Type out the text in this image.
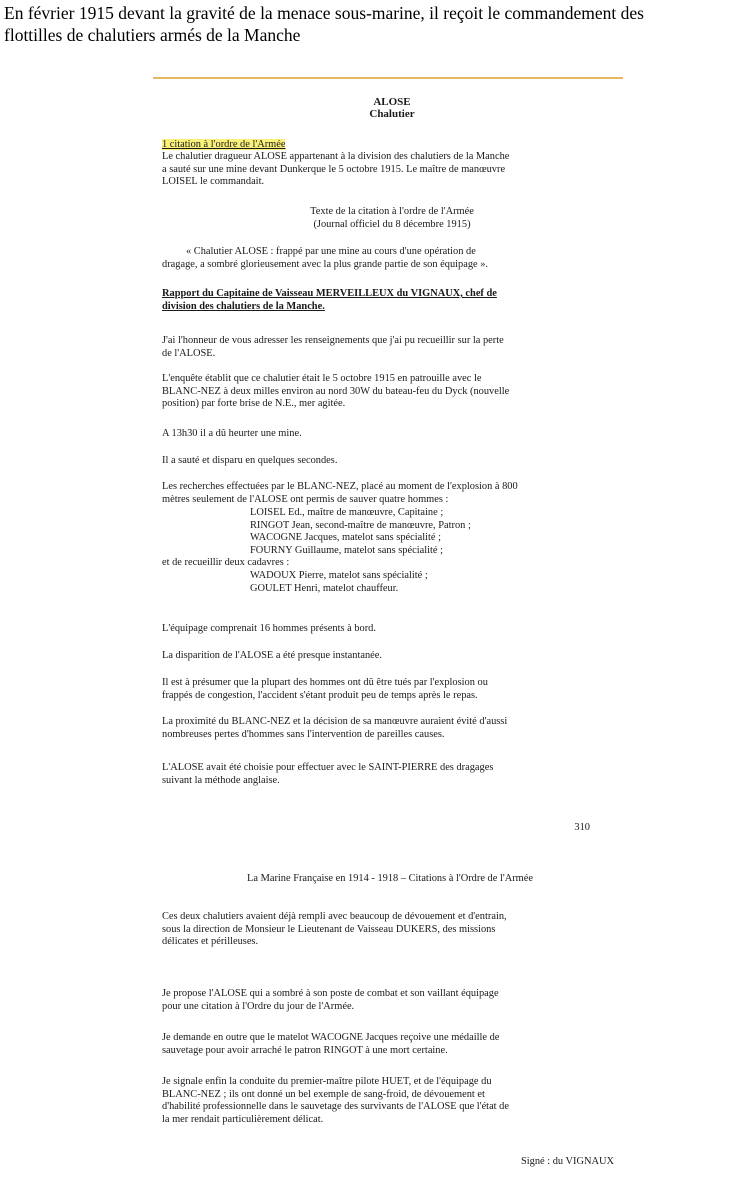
En février 1915 devant la gravité de la menace sous-marine, il reçoit le commandement des
flottilles de chalutiers armés de la Manche
ALOSE
Chalutier
1 citation à l'ordre de l'Armée
Le chalutier dragueur ALOSE appartenant à la division des chalutiers de la Manche
a sauté sur une mine devant Dunkerque le 5 octobre 1915. Le maître de manœuvre
LOISEL le commandait.
Texte de la citation à l'ordre de l'Armée
(Journal officiel du 8 décembre 1915)
« Chalutier ALOSE : frappé par une mine au cours d'une opération de
dragage, a sombré glorieusement avec la plus grande partie de son équipage ».
Rapport du Capitaine de Vaisseau MERVEILLEUX du VIGNAUX, chef de
division des chalutiers de la Manche.
J'ai l'honneur de vous adresser les renseignements que j'ai pu recueillir sur la perte
de l'ALOSE.
L'enquête établit que ce chalutier était le 5 octobre 1915 en patrouille avec le
BLANC-NEZ à deux milles environ au nord 30W du bateau-feu du Dyck (nouvelle
position) par forte brise de N.E., mer agitée.
A 13h30 il a dû heurter une mine.
Il a sauté et disparu en quelques secondes.
Les recherches effectuées par le BLANC-NEZ, placé au moment de l'explosion à 800
mètres seulement de l'ALOSE ont permis de sauver quatre hommes :
LOISEL Ed., maître de manœuvre, Capitaine ;
RINGOT Jean, second-maître de manœuvre, Patron ;
WACOGNE Jacques, matelot sans spécialité ;
FOURNY Guillaume, matelot sans spécialité ;
et de recueillir deux cadavres :
WADOUX Pierre, matelot sans spécialité ;
GOULET Henri, matelot chauffeur.
L'équipage comprenait 16 hommes présents à bord.
La disparition de l'ALOSE a été presque instantanée.
Il est à présumer que la plupart des hommes ont dû être tués par l'explosion ou
frappés de congestion, l'accident s'étant produit peu de temps après le repas.
La proximité du BLANC-NEZ et la décision de sa manœuvre auraient évité d'aussi
nombreuses pertes d'hommes sans l'intervention de pareilles causes.
L'ALOSE avait été choisie pour effectuer avec le SAINT-PIERRE des dragages
suivant la méthode anglaise.
310
La Marine Française en 1914 - 1918 – Citations à l'Ordre de l'Armée
Ces deux chalutiers avaient déjà rempli avec beaucoup de dévouement et d'entrain,
sous la direction de Monsieur le Lieutenant de Vaisseau DUKERS, des missions
délicates et périlleuses.
Je propose l'ALOSE qui a sombré à son poste de combat et son vaillant équipage
pour une citation à l'Ordre du jour de l'Armée.
Je demande en outre que le matelot WACOGNE Jacques reçoive une médaille de
sauvetage pour avoir arraché le patron RINGOT à une mort certaine.
Je signale enfin la conduite du premier-maître pilote HUET, et de l'équipage du
BLANC-NEZ ; ils ont donné un bel exemple de sang-froid, de dévouement et
d'habilité professionnelle dans le sauvetage des survivants de l'ALOSE que l'état de
la mer rendait particulièrement délicat.
Signé : du VIGNAUX
